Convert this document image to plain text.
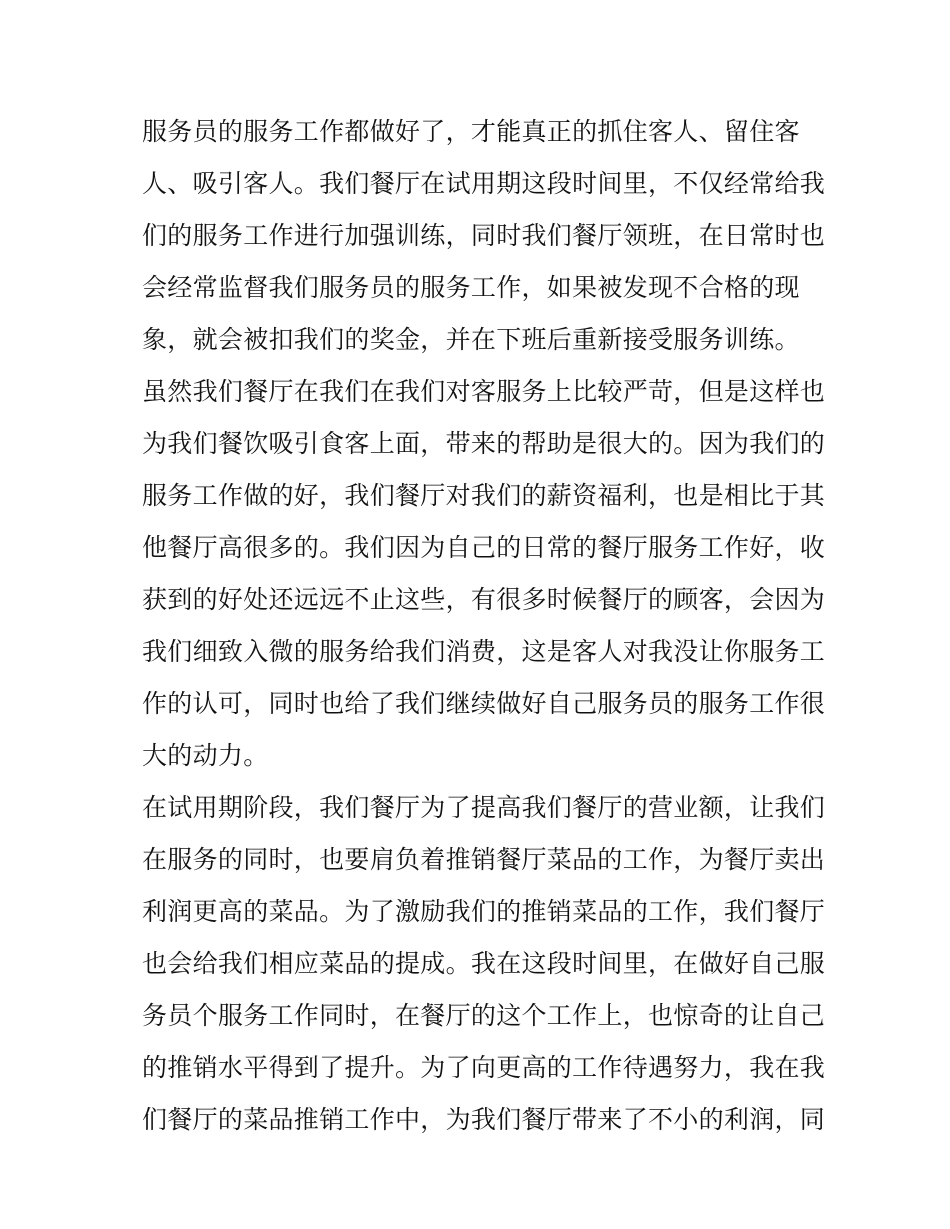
服务员的服务工作都做好了，才能真正的抓住客人、留住客
人、吸引客人。我们餐厅在试用期这段时间里，不仅经常给我
们的服务工作进行加强训练，同时我们餐厅领班，在日常时也
会经常监督我们服务员的服务工作，如果被发现不合格的现
象，就会被扣我们的奖金，并在下班后重新接受服务训练。
虽然我们餐厅在我们在我们对客服务上比较严苛，但是这样也
为我们餐饮吸引食客上面，带来的帮助是很大的。因为我们的
服务工作做的好，我们餐厅对我们的薪资福利，也是相比于其
他餐厅高很多的。我们因为自己的日常的餐厅服务工作好，收
获到的好处还远远不止这些，有很多时候餐厅的顾客，会因为
我们细致入微的服务给我们消费，这是客人对我没让你服务工
作的认可，同时也给了我们继续做好自己服务员的服务工作很
大的动力。
在试用期阶段，我们餐厅为了提高我们餐厅的营业额，让我们
在服务的同时，也要肩负着推销餐厅菜品的工作，为餐厅卖出
利润更高的菜品。为了激励我们的推销菜品的工作，我们餐厅
也会给我们相应菜品的提成。我在这段时间里，在做好自己服
务员个服务工作同时，在餐厅的这个工作上，也惊奇的让自己
的推销水平得到了提升。为了向更高的工作待遇努力，我在我
们餐厅的菜品推销工作中，为我们餐厅带来了不小的利润，同
